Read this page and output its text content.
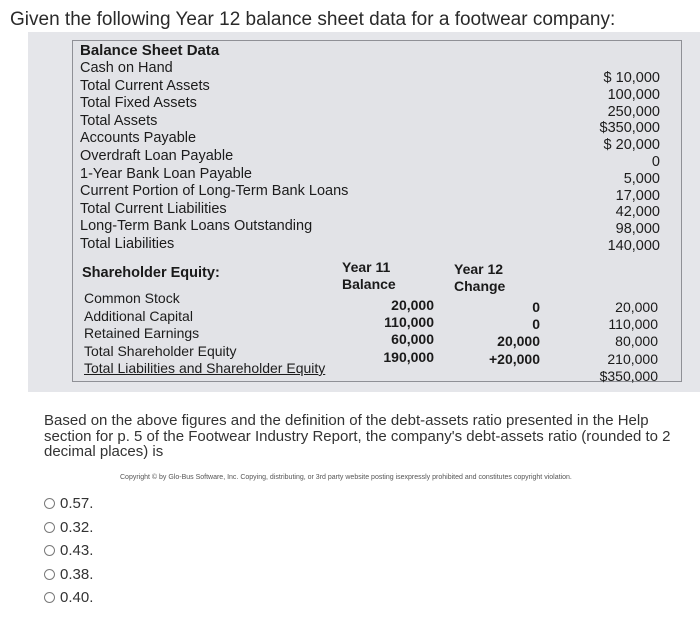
Given the following Year 12 balance sheet data for a footwear company:
Balance Sheet Data
Cash on Hand
Total Current Assets
Total Fixed Assets
Total Assets
Accounts Payable
Overdraft Loan Payable
1-Year Bank Loan Payable
Current Portion of Long-Term Bank Loans
Total Current Liabilities
Long-Term Bank Loans Outstanding
Total Liabilities
$ 10,000
100,000
250,000
$350,000
$ 20,000
0
5,000
17,000
42,000
98,000
140,000
Shareholder Equity:	Year 11
Balance
Year 12
Change
Common Stock
Additional Capital
Retained Earnings
Total Shareholder Equity
Total Liabilities and Shareholder Equity
20,000
110,000
60,000
190,000
0
0
20,000
+20,000
20,000
110,000
80,000
210,000
$350,000
Based on the above figures and the definition of the debt-assets ratio presented in the Help section for p. 5 of the Footwear Industry Report, the company's debt-assets ratio (rounded to 2 decimal places) is
Copyright © by Glo-Bus Software, Inc. Copying, distributing, or 3rd party website posting isexpressly prohibited and constitutes copyright violation.
0.57.
0.32.
0.43.
0.38.
0.40.
